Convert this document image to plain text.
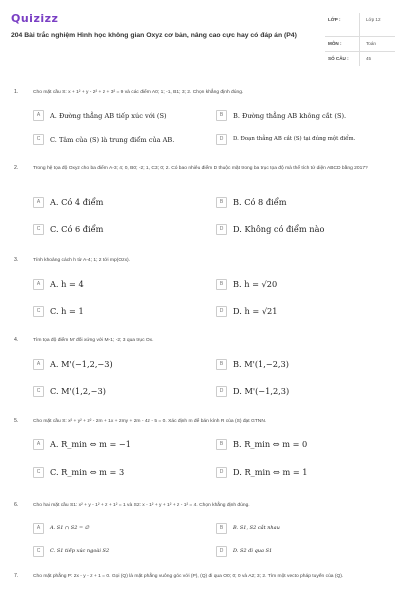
Quizizz
204 Bài trắc nghiệm Hình học không gian Oxyz cơ bản, nâng cao cực hay có đáp án (P4)
LỚP :	Lớp 12
MÔN :	Toán
SỐ CÂU :	45
1.	Cho mặt cầu S: x + 1² + y - 2² + z + 3² = 9 và các điểm A0; 1; -1, B1; 3; 2. Chọn khẳng định đúng.
A	A. Đường thẳng AB tiếp xúc với (S)	B	B. Đường thẳng AB không cắt (S).
C	C. Tâm của (S) là trung điểm của AB.	D	D. Đoạn thẳng AB cắt (S) tại đúng một điểm.
2.	Trong hệ tọa độ Oxyz cho ba điểm A-3; 4; 0, B0; -2; 1, C3; 0; 2. Có bao nhiêu điểm D thuộc mặt trong ba trục tọa độ mà thể tích tứ diện ABCD bằng 2017?
A	A. Có 4 điểm	B	B. Có 8 điểm
C	C. Có 6 điểm	D	D. Không có điểm nào
3.	Tính khoảng cách h từ A-4; 1; 2 tới mp(Ozx).
A	A. h = 4	B	B. h = √20
C	C. h = 1	D	D. h = √21
4.	Tìm tọa độ điểm M' đối xứng với M-1; -2; 3 qua trục Ox.
A	A. M'(−1,2,−3)	B	B. M'(1,−2,3)
C	C. M'(1,2,−3)	D	D. M'(−1,2,3)
5.	Cho mặt cầu S: x² + y² + z² - 2m + 1x + 2my + 2m - 4z - 5 = 0. Xác định m để bán kính R của (S) đạt GTNN.
A	A. R_min ⇔ m = −1	B	B. R_min ⇔ m = 0
C	C. R_min ⇔ m = 3	D	D. R_min ⇔ m = 1
6.	Cho hai mặt cầu S1: x² + y - 1² + z + 1² = 1 và S2: x - 1² + y + 1² + z - 1² = 4. Chọn khẳng định đúng.
A	A. S1 ∩ S2 = ∅	B	B. S1, S2 cắt nhau
C	C. S1 tiếp xúc ngoài S2	D	D. S2 đi qua S1
7.	Cho mặt phẳng P: 2x - y - z + 1 = 0. Gọi (Q) là mặt phẳng vuông góc với (P), (Q) đi qua O0; 0; 0 và A2; 3; 2. Tìm một vecto pháp tuyến của (Q).
